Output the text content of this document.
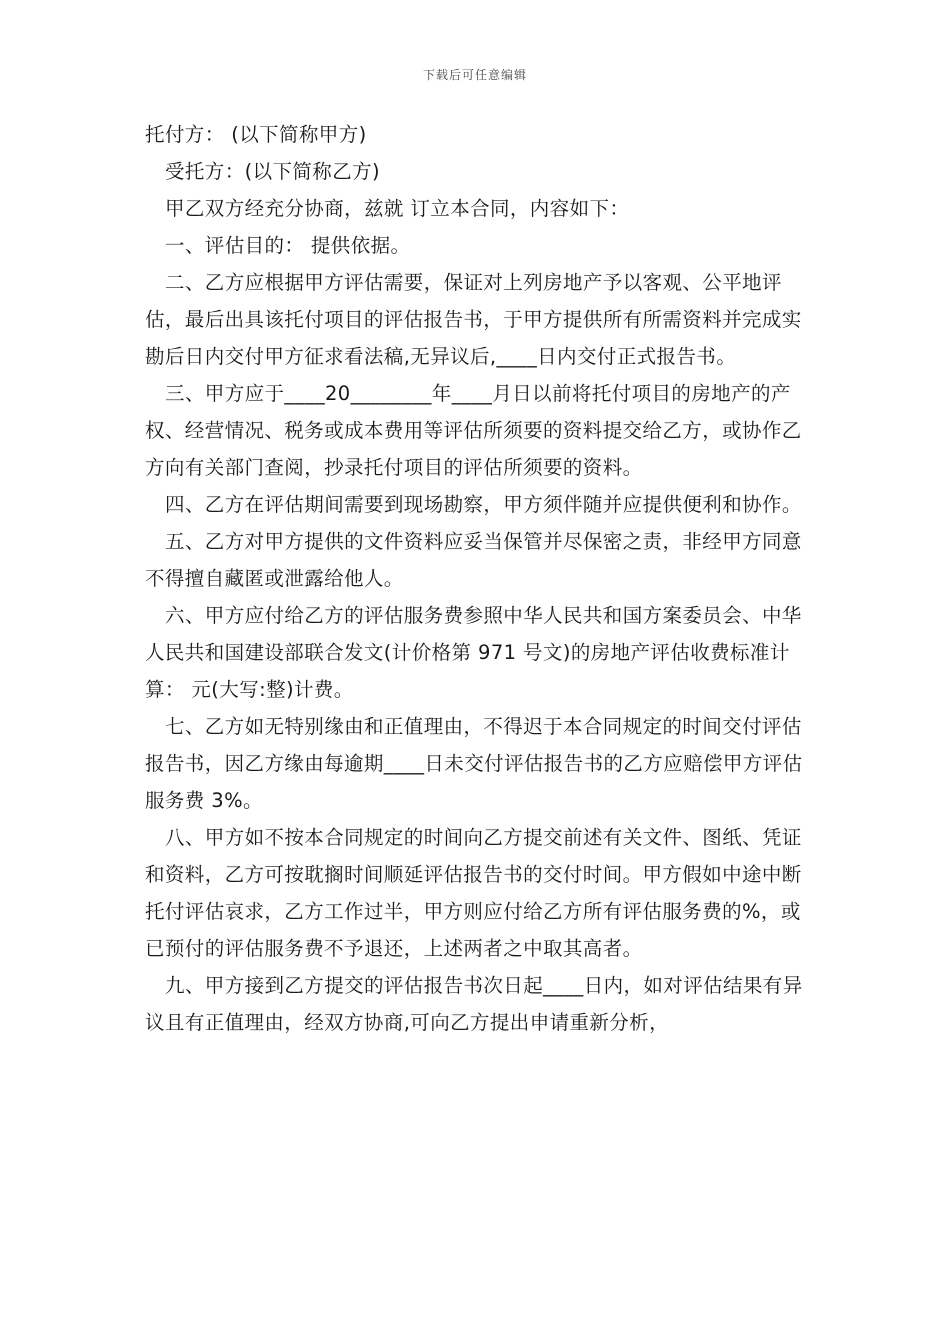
下载后可任意编辑

托付方： (以下简称甲方)

受托方：(以下简称乙方)

甲乙双方经充分协商，兹就 订立本合同，内容如下：

一、评估目的： 提供依据。

二、乙方应根据甲方评估需要，保证对上列房地产予以客观、公平地评估，最后出具该托付项目的评估报告书，于甲方提供所有所需资料并完成实勘后日内交付甲方征求看法稿,无异议后,____日内交付正式报告书。

三、甲方应于____20________年____月日以前将托付项目的房地产的产权、经营情况、税务或成本费用等评估所须要的资料提交给乙方，或协作乙方向有关部门查阅，抄录托付项目的评估所须要的资料。

四、乙方在评估期间需要到现场勘察，甲方须伴随并应提供便利和协作。

五、乙方对甲方提供的文件资料应妥当保管并尽保密之责，非经甲方同意不得擅自藏匿或泄露给他人。

六、甲方应付给乙方的评估服务费参照中华人民共和国方案委员会、中华人民共和国建设部联合发文(计价格第 971 号文)的房地产评估收费标准计算： 元(大写:整)计费。

七、乙方如无特别缘由和正值理由，不得迟于本合同规定的时间交付评估报告书，因乙方缘由每逾期____日未交付评估报告书的乙方应赔偿甲方评估服务费 3%。

八、甲方如不按本合同规定的时间向乙方提交前述有关文件、图纸、凭证和资料，乙方可按耽搁时间顺延评估报告书的交付时间。甲方假如中途中断托付评估哀求，乙方工作过半，甲方则应付给乙方所有评估服务费的%，或已预付的评估服务费不予退还，上述两者之中取其高者。

九、甲方接到乙方提交的评估报告书次日起____日内，如对评估结果有异议且有正值理由，经双方协商,可向乙方提出申请重新分析，
